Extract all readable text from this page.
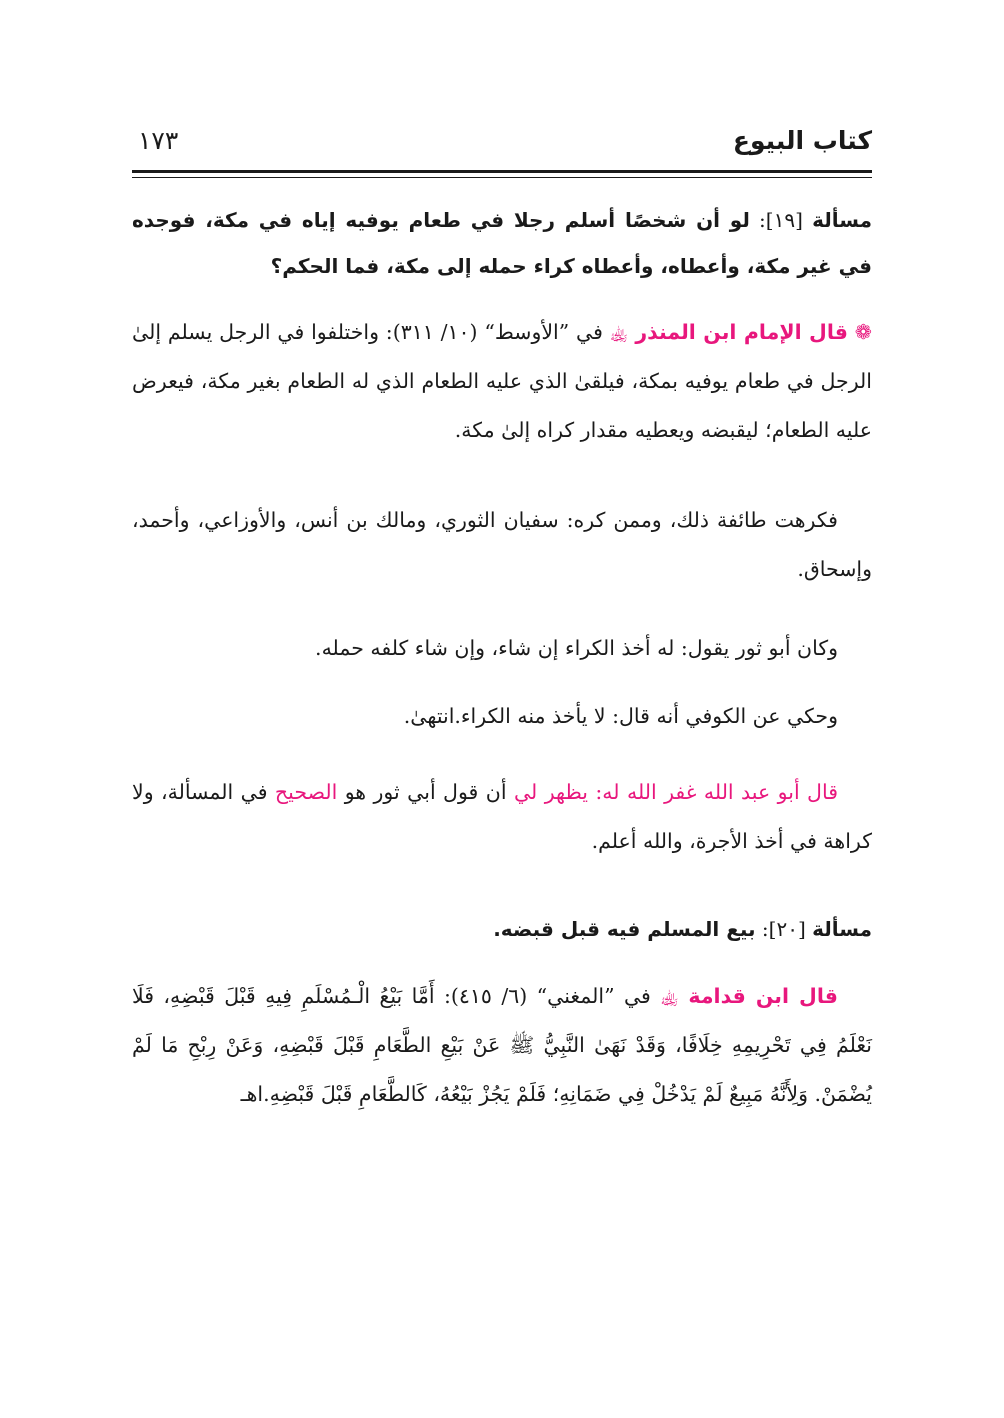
كتاب البيوع
١٧٣
مسألة [١٩]: لو أن شخصًا أسلم رجلا في طعام يوفيه إياه في مكة، فوجده في غير مكة، وأعطاه، وأعطاه كراء حمله إلى مكة، فما الحكم؟
❁ قال الإمام ابن المنذر ﵀ في ”الأوسط“ (١٠/ ٣١١): واختلفوا في الرجل يسلم إلىٰ الرجل في طعام يوفيه بمكة، فيلقىٰ الذي عليه الطعام الذي له الطعام بغير مكة، فيعرض عليه الطعام؛ ليقبضه ويعطيه مقدار كراه إلىٰ مكة.
فكرهت طائفة ذلك، وممن كره: سفيان الثوري، ومالك بن أنس، والأوزاعي، وأحمد، وإسحاق.
وكان أبو ثور يقول: له أخذ الكراء إن شاء، وإن شاء كلفه حمله.
وحكي عن الكوفي أنه قال: لا يأخذ منه الكراء.انتهىٰ.
قال أبو عبد الله غفر الله له: يظهر لي أن قول أبي ثور هو الصحيح في المسألة، ولا كراهة في أخذ الأجرة، والله أعلم.
مسألة [٢٠]: بيع المسلم فيه قبل قبضه.
قال ابن قدامة ﵀ في ”المغني“ (٦/ ٤١٥): أَمَّا بَيْعُ الْـمُسْلَمِ فِيهِ قَبْلَ قَبْضِهِ، فَلَا نَعْلَمُ فِي تَحْرِيمِهِ خِلَافًا، وَقَدْ نَهَىٰ النَّبِيُّ ﷺ عَنْ بَيْعِ الطَّعَامِ قَبْلَ قَبْضِهِ، وَعَنْ رِبْحِ مَا لَمْ يُضْمَنْ. وَلِأَنَّهُ مَبِيعٌ لَمْ يَدْخُلْ فِي ضَمَانِهِ؛ فَلَمْ يَجُزْ بَيْعُهُ، كَالطَّعَامِ قَبْلَ قَبْضِهِ.اهـ
